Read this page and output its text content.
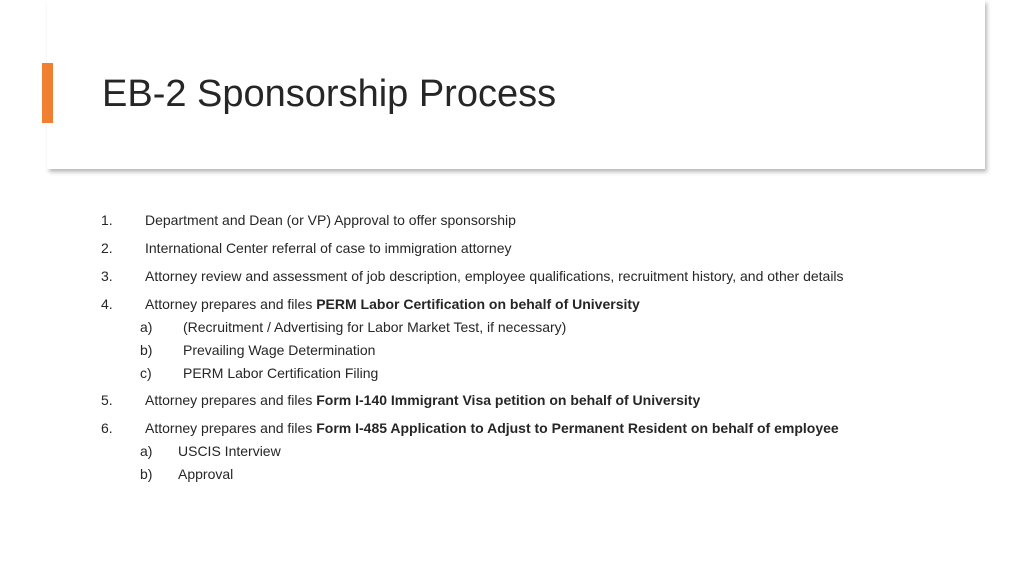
EB-2 Sponsorship Process
1. Department and Dean (or VP) Approval to offer sponsorship
2. International Center referral of case to immigration attorney
3. Attorney review and assessment of job description, employee qualifications, recruitment history, and other details
4. Attorney prepares and files PERM Labor Certification on behalf of University
a) (Recruitment / Advertising for Labor Market Test, if necessary)
b) Prevailing Wage Determination
c) PERM Labor Certification Filing
5. Attorney prepares and files Form I-140 Immigrant Visa petition on behalf of University
6. Attorney prepares and files Form I-485 Application to Adjust to Permanent Resident on behalf of employee
a) USCIS Interview
b) Approval
